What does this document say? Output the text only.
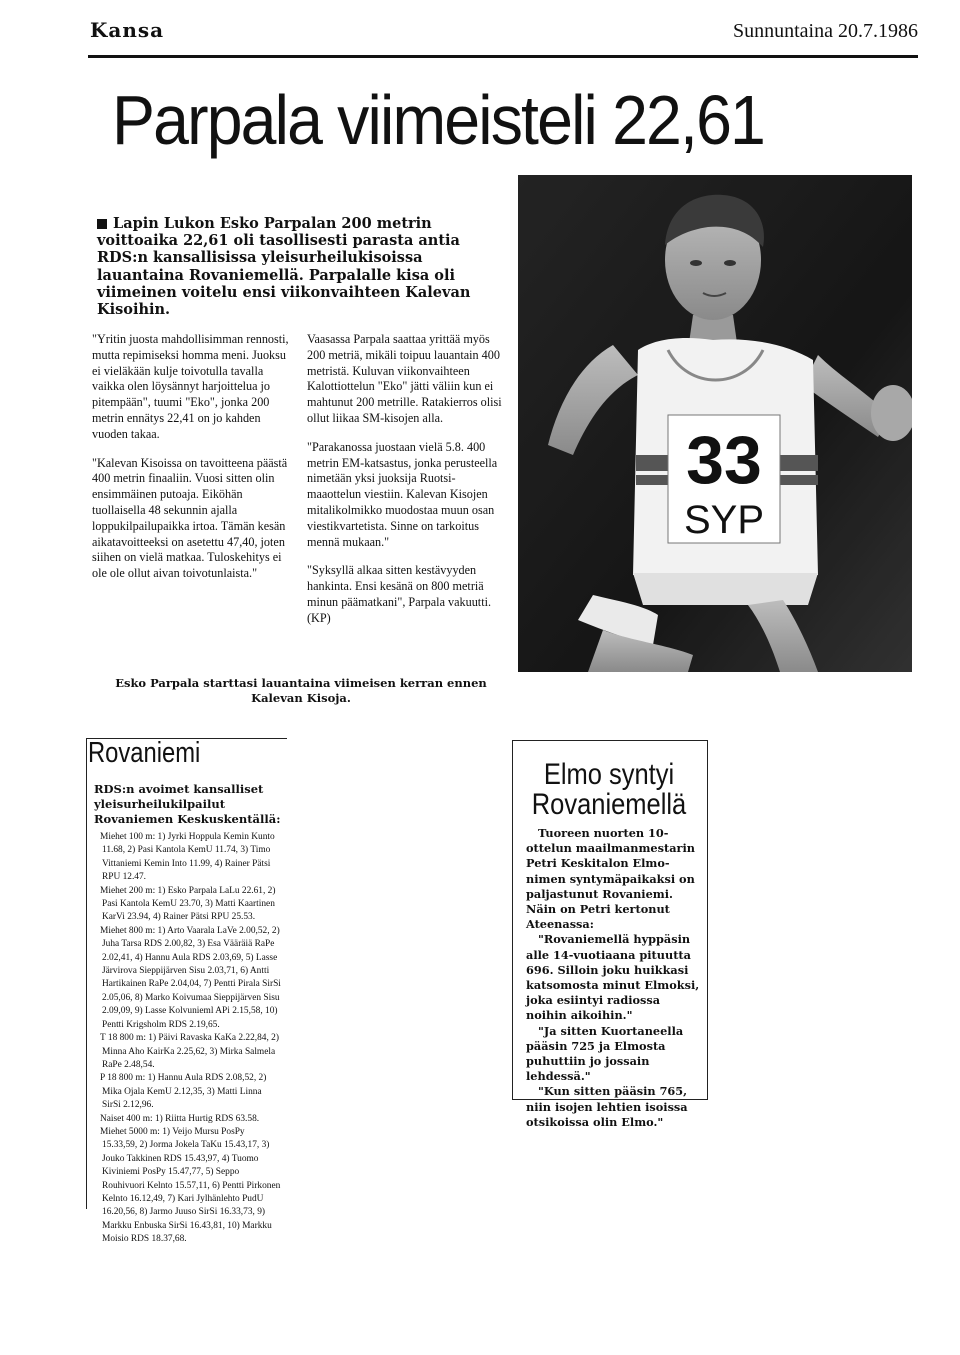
Kansa	Sunnuntaina 20.7.1986
Parpala viimeisteli 22,61
Lapin Lukon Esko Parpalan 200 metrin voittoaika 22,61 oli tasollisesti parasta antia RDS:n kansallisissa yleisurheilukisoissa lauantaina Rovaniemellä. Parpalalle kisa oli viimeinen voitelu ensi viikonvaihteen Kalevan Kisoihin.

"Yritin juosta mahdollisimman rennosti, mutta repimiseksi homma meni. Juoksu ei vieläkään kulje toivotulla tavalla vaikka olen löysännyt harjoittelua jo pitempään", tuumi "Eko", jonka 200 metrin ennätys 22,41 on jo kahden vuoden takaa.

"Kalevan Kisoissa on tavoitteena päästä 400 metrin finaaliin. Vuosi sitten olin ensimmäinen putoaja. Eiköhän tuollaisella 48 sekunnin ajalla loppukilpailupaikka irtoa. Tämän kesän aikatavoitteeksi on asetettu 47,40, joten siihen on vielä matkaa. Tuloskehitys ei ole ole ollut aivan toivotunlaista."

Vaasassa Parpala saattaa yrittää myös 200 metriä, mikäli toipuu lauantain 400 metristä. Kuluvan viikonvaihteen Kalottiottelun "Eko" jätti väliin kun ei mahtunut 200 metrille. Ratakierros olisi ollut liikaa SM-kisojen alla.

"Parakanossa juostaan vielä 5.8. 400 metrin EM-katsastus, jonka perusteella nimetään yksi juoksija Ruotsi-maaottelun viestiin. Kalevan Kisojen mitalikolmikko muodostaa muun osan viestikvartetista. Sinne on tarkoitus mennä mukaan."

"Syksyllä alkaa sitten kestävyyden hankinta. Ensi kesänä on 800 metriä minun päämatkani", Parpala vakuutti. (KP)

33
SYP
Esko Parpala starttasi lauantaina viimeisen kerran ennen Kalevan Kisoja.
Rovaniemi
RDS:n avoimet kansalliset yleisurheilukilpailut Rovaniemen Keskuskentällä:

Miehet 100 m: 1) Jyrki Hoppula Kemin Kunto 11.68, 2) Pasi Kantola KemU 11.74, 3) Timo Vittaniemi Kemin Into 11.99, 4) Rainer Pätsi RPU 12.47.

Miehet 200 m: 1) Esko Parpala LaLu 22.61, 2) Pasi Kantola KemU 23.70, 3) Matti Kaartinen KarVi 23.94, 4) Rainer Pätsi RPU 25.53.

Miehet 800 m: 1) Arto Vaarala LaVe 2.00,52, 2) Juha Tarsa RDS 2.00,82, 3) Esa Vääräiä RaPe 2.02,41, 4) Hannu Aula RDS 2.03,69, 5) Lasse Järvirova Sieppijärven Sisu 2.03,71, 6) Antti Hartikainen RaPe 2.04,04, 7) Pentti Pirala SirSi 2.05,06, 8) Marko Koivumaa Sieppijärven Sisu 2.09,09, 9) Lasse Kolvunieml APi 2.15,58, 10) Pentti Krigsholm RDS 2.19,65.

T 18 800 m: 1) Päivi Ravaska KaKa 2.22,84, 2) Minna Aho KairKa 2.25,62, 3) Mirka Salmela RaPe 2.48,54.

P 18 800 m: 1) Hannu Aula RDS 2.08,52, 2) Mika Ojala KemU 2.12,35, 3) Matti Linna SirSi 2.12,96.

Naiset 400 m: 1) Riitta Hurtig RDS 63.58.

Miehet 5000 m: 1) Veijo Mursu PosPy 15.33,59, 2) Jorma Jokela TaKu 15.43,17, 3) Jouko Takkinen RDS 15.43,97, 4) Tuomo Kiviniemi PosPy 15.47,77, 5) Seppo Rouhivuori Kelnto 15.57,11, 6) Pentti Pirkonen Kelnto 16.12,49, 7) Kari Jylhänlehto PudU 16.20,56, 8) Jarmo Juuso SirSi 16.33,73, 9) Markku Enbuska SirSi 16.43,81, 10) Markku Moisio RDS 18.37,68.

Elmo syntyi Rovaniemellä

Tuoreen nuorten 10-ottelun maailmanmestarin Petri Keskitalon Elmo-nimen syntymäpaikaksi on paljastunut Rovaniemi. Näin on Petri kertonut Ateenassa:

"Rovaniemellä hyppäsin alle 14-vuotiaana pituutta 696. Silloin joku huikkasi katsomosta minut Elmoksi, joka esiintyi radiossa noihin aikoihin."

"Ja sitten Kuortaneella pääsin 725 ja Elmosta puhuttiin jo jossain lehdessä."

"Kun sitten pääsin 765, niin isojen lehtien isoissa otsikoissa olin Elmo."
